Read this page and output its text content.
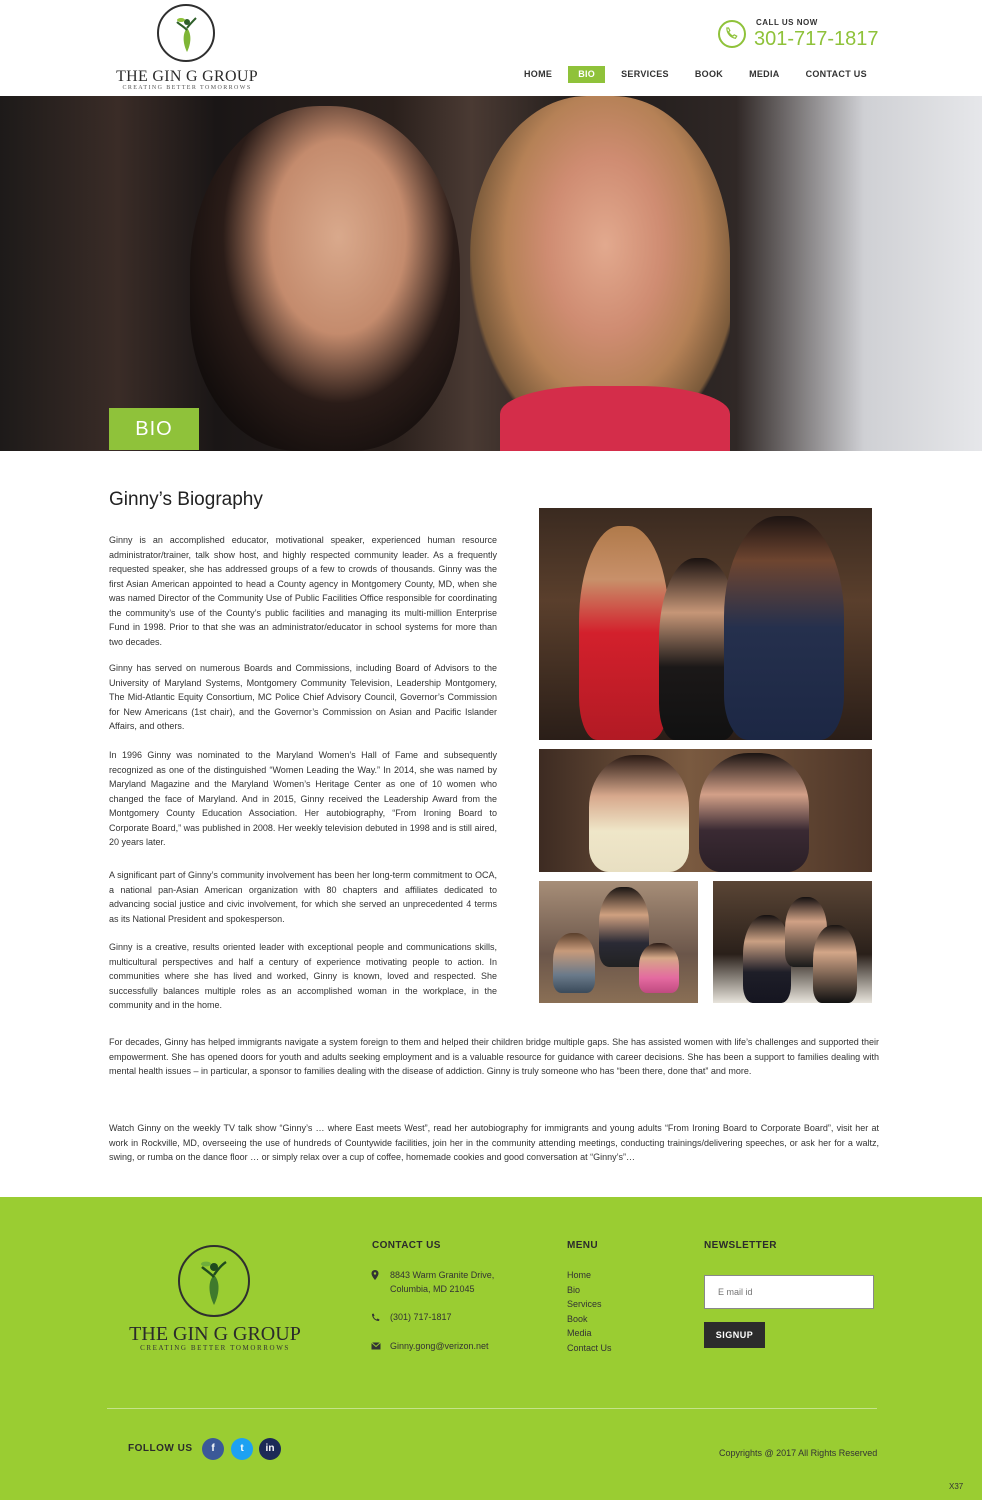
THE GIN G GROUP
CREATING BETTER TOMORROWS
CALL US NOW
301-717-1817
HOME	BIO	SERVICES	BOOK	MEDIA	CONTACT US
BIO
Ginny’s Biography

Ginny is an accomplished educator, motivational speaker, experienced human resource administrator/trainer, talk show host, and highly respected community leader. As a frequently requested speaker, she has addressed groups of a few to crowds of thousands. Ginny was the first Asian American appointed to head a County agency in Montgomery County, MD, when she was named Director of the Community Use of Public Facilities Office responsible for coordinating the community’s use of the County’s public facilities and managing its multi-million Enterprise Fund in 1998. Prior to that she was an administrator/educator in school systems for more than two decades.

Ginny has served on numerous Boards and Commissions, including Board of Advisors to the University of Maryland Systems, Montgomery Community Television, Leadership Montgomery, The Mid-Atlantic Equity Consortium, MC Police Chief Advisory Council, Governor’s Commission for New Americans (1st chair), and the Governor’s Commission on Asian and Pacific Islander Affairs, and others.

In 1996 Ginny was nominated to the Maryland Women’s Hall of Fame and subsequently recognized as one of the distinguished “Women Leading the Way.” In 2014, she was named by Maryland Magazine and the Maryland Women’s Heritage Center as one of 10 women who changed the face of Maryland. And in 2015, Ginny received the Leadership Award from the Montgomery County Education Association. Her autobiography, “From Ironing Board to Corporate Board,” was published in 2008. Her weekly television debuted in 1998 and is still aired, 20 years later.

A significant part of Ginny’s community involvement has been her long-term commitment to OCA, a national pan-Asian American organization with 80 chapters and affiliates dedicated to advancing social justice and civic involvement, for which she served an unprecedented 4 terms as its National President and spokesperson.

Ginny is a creative, results oriented leader with exceptional people and communications skills, multicultural perspectives and half a century of experience motivating people to action. In communities where she has lived and worked, Ginny is known, loved and respected. She successfully balances multiple roles as an accomplished woman in the workplace, in the community and in the home.

For decades, Ginny has helped immigrants navigate a system foreign to them and helped their children bridge multiple gaps. She has assisted women with life’s challenges and supported their empowerment. She has opened doors for youth and adults seeking employment and is a valuable resource for guidance with career decisions. She has been a support to families dealing with mental health issues – in particular, a sponsor to families dealing with the disease of addiction. Ginny is truly someone who has “been there, done that” and more.

Watch Ginny on the weekly TV talk show “Ginny’s … where East meets West”, read her autobiography for immigrants and young adults “From Ironing Board to Corporate Board”, visit her at work in Rockville, MD, overseeing the use of hundreds of Countywide facilities, join her in the community attending meetings, conducting trainings/delivering speeches, or ask her for a waltz, swing, or rumba on the dance floor … or simply relax over a cup of coffee, homemade cookies and good conversation at “Ginny’s”…

THE GIN G GROUP
CREATING BETTER TOMORROWS
CONTACT US
8843 Warm Granite Drive,
Columbia, MD 21045
(301) 717-1817
Ginny.gong@verizon.net
MENU
Home
Bio
Services
Book
Media
Contact Us
NEWSLETTER
E mail id
SIGNUP
FOLLOW US	f	t	in	Copyrights @ 2017 All Rights Reserved
X37
